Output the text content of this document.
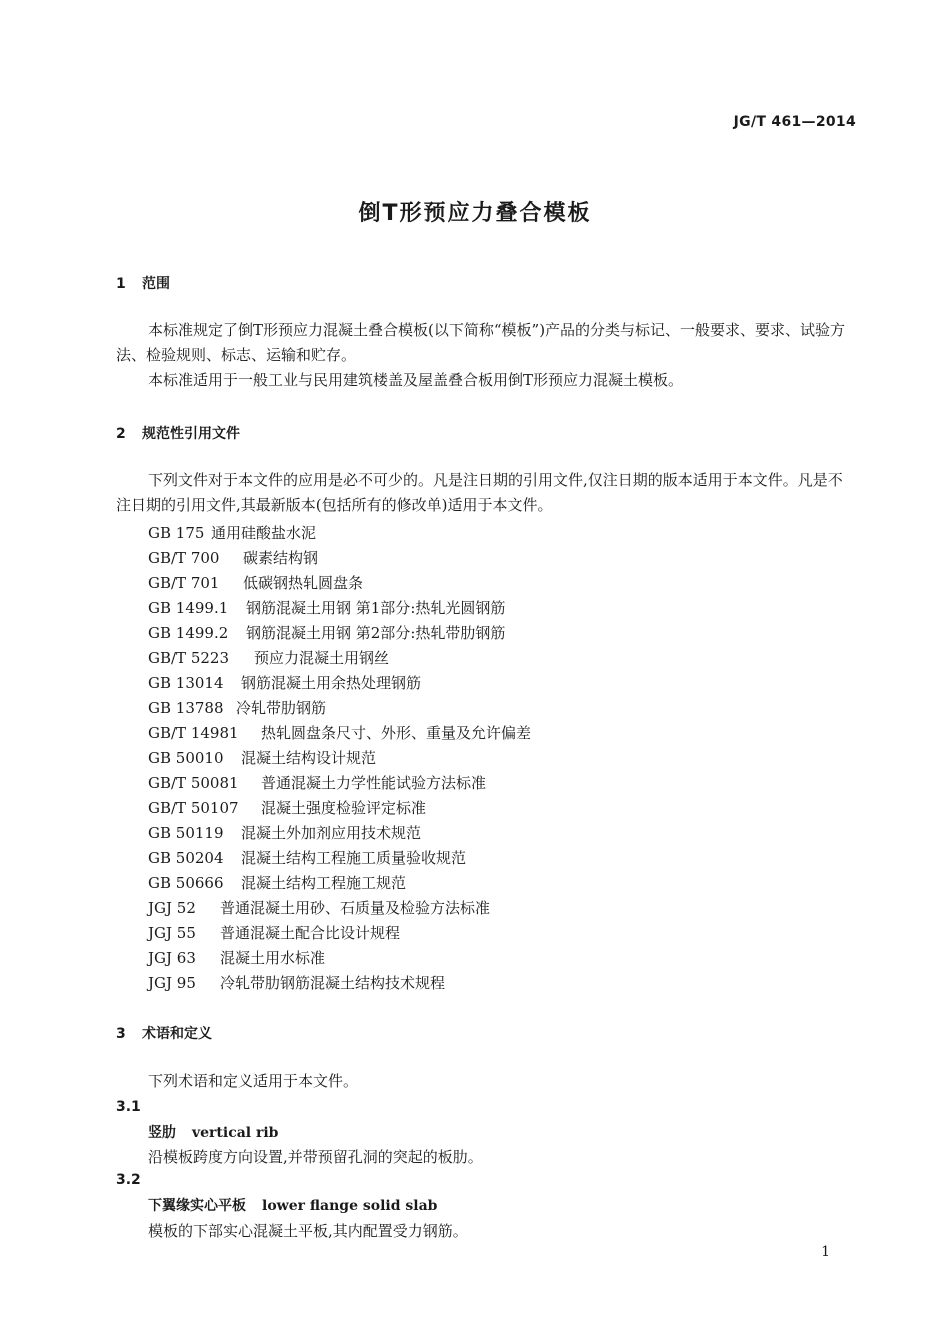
JG/T 461—2014
倒T形预应力叠合模板
1 范围
本标准规定了倒T形预应力混凝土叠合模板(以下简称“模板”)产品的分类与标记、一般要求、要求、试验方法、检验规则、标志、运输和贮存。
本标准适用于一般工业与民用建筑楼盖及屋盖叠合板用倒T形预应力混凝土模板。
2 规范性引用文件
下列文件对于本文件的应用是必不可少的。凡是注日期的引用文件,仅注日期的版本适用于本文件。凡是不注日期的引用文件,其最新版本(包括所有的修改单)适用于本文件。
GB 175 通用硅酸盐水泥
GB/T 700 碳素结构钢
GB/T 701 低碳钢热轧圆盘条
GB 1499.1 钢筋混凝土用钢 第1部分:热轧光圆钢筋
GB 1499.2 钢筋混凝土用钢 第2部分:热轧带肋钢筋
GB/T 5223 预应力混凝土用钢丝
GB 13014 钢筋混凝土用余热处理钢筋
GB 13788 冷轧带肋钢筋
GB/T 14981 热轧圆盘条尺寸、外形、重量及允许偏差
GB 50010 混凝土结构设计规范
GB/T 50081 普通混凝土力学性能试验方法标准
GB/T 50107 混凝土强度检验评定标准
GB 50119 混凝土外加剂应用技术规范
GB 50204 混凝土结构工程施工质量验收规范
GB 50666 混凝土结构工程施工规范
JGJ 52 普通混凝土用砂、石质量及检验方法标准
JGJ 55 普通混凝土配合比设计规程
JGJ 63 混凝土用水标准
JGJ 95 冷轧带肋钢筋混凝土结构技术规程
3 术语和定义
下列术语和定义适用于本文件。
3.1
竖肋 vertical rib
沿模板跨度方向设置,并带预留孔洞的突起的板肋。
3.2
下翼缘实心平板 lower flange solid slab
模板的下部实心混凝土平板,其内配置受力钢筋。
1
